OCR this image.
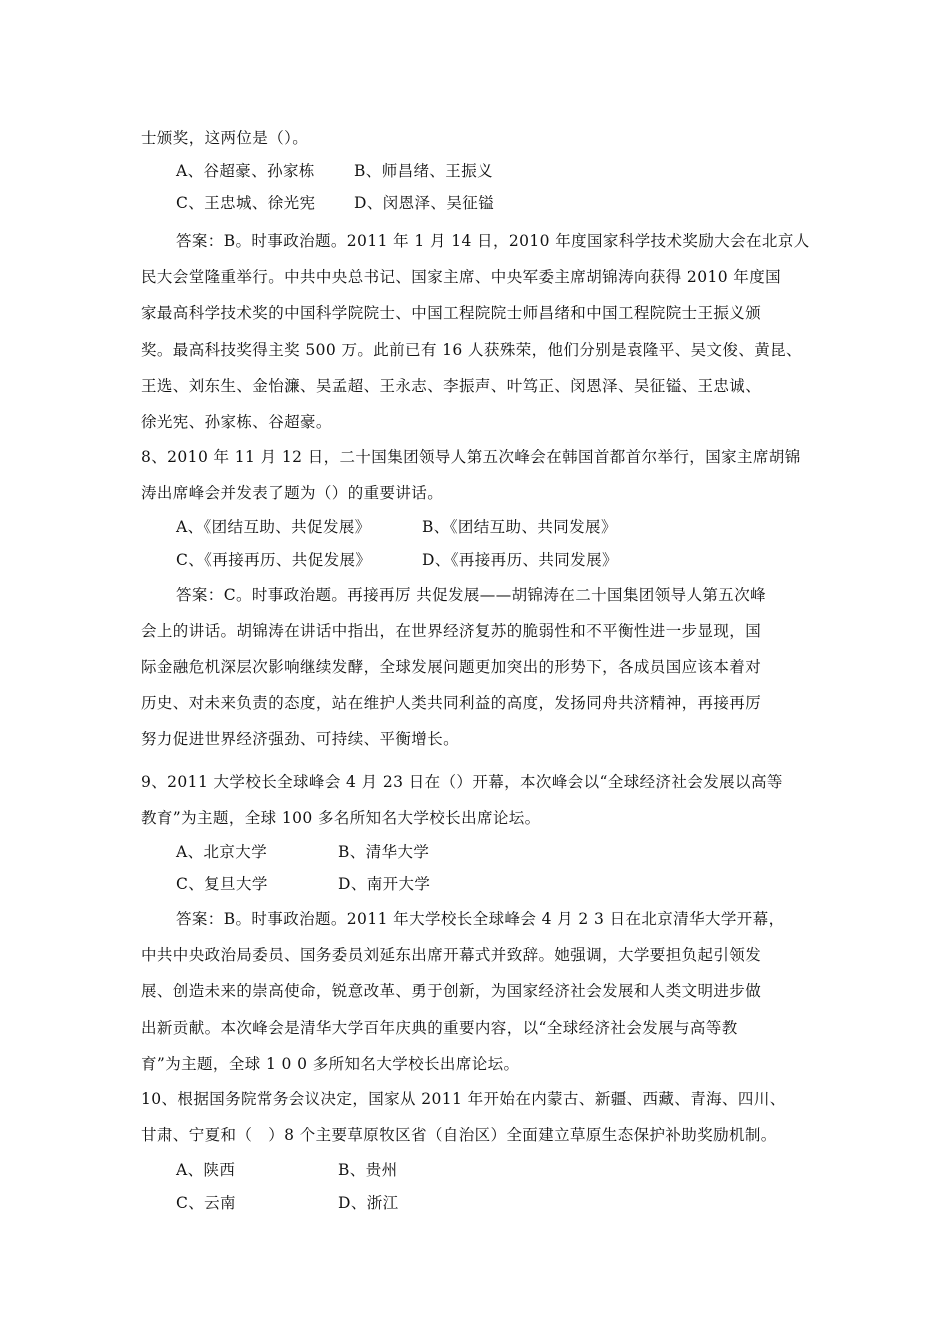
士颁奖，这两位是（）。
A、谷超豪、孙家栋	B、师昌绪、王振义
C、王忠城、徐光宪 D、闵恩泽、吴征镒
答案：B。时事政治题。2011 年 1 月 14 日，2010 年度国家科学技术奖励大会在北京人
民大会堂隆重举行。中共中央总书记、国家主席、中央军委主席胡锦涛向获得 2010 年度国
家最高科学技术奖的中国科学院院士、中国工程院院士师昌绪和中国工程院院士王振义颁
奖。最高科技奖得主奖 500 万。此前已有 16 人获殊荣，他们分别是袁隆平、吴文俊、黄昆、
王选、刘东生、金怡濂、吴孟超、王永志、李振声、叶笃正、闵恩泽、吴征镒、王忠诚、
徐光宪、孙家栋、谷超豪。
8、2010 年 11 月 12 日，二十国集团领导人第五次峰会在韩国首都首尔举行，国家主席胡锦
涛出席峰会并发表了题为（）的重要讲话。
A、《团结互助、共促发展》	B、《团结互助、共同发展》
C、《再接再历、共促发展》	D、《再接再历、共同发展》
答案：C。时事政治题。再接再厉 共促发展——胡锦涛在二十国集团领导人第五次峰
会上的讲话。胡锦涛在讲话中指出，在世界经济复苏的脆弱性和不平衡性进一步显现，国
际金融危机深层次影响继续发酵，全球发展问题更加突出的形势下，各成员国应该本着对
历史、对未来负责的态度，站在维护人类共同利益的高度，发扬同舟共济精神，再接再厉
努力促进世界经济强劲、可持续、平衡增长。
9、2011 大学校长全球峰会 4 月 23 日在（）开幕，本次峰会以“全球经济社会发展以高等
教育”为主题，全球 100 多名所知名大学校长出席论坛。
A、北京大学	B、清华大学
C、复旦大学	D、南开大学
答案：B。时事政治题。2011 年大学校长全球峰会 4 月 2 3 日在北京清华大学开幕，
中共中央政治局委员、国务委员刘延东出席开幕式并致辞。她强调，大学要担负起引领发
展、创造未来的崇高使命，锐意改革、勇于创新，为国家经济社会发展和人类文明进步做
出新贡献。本次峰会是清华大学百年庆典的重要内容，以“全球经济社会发展与高等教
育”为主题，全球 1 0 0 多所知名大学校长出席论坛。
10、根据国务院常务会议决定，国家从 2011 年开始在内蒙古、新疆、西藏、青海、四川、
甘肃、宁夏和（　）8 个主要草原牧区省（自治区）全面建立草原生态保护补助奖励机制。
A、陕西	B、贵州
C、云南	D、浙江
